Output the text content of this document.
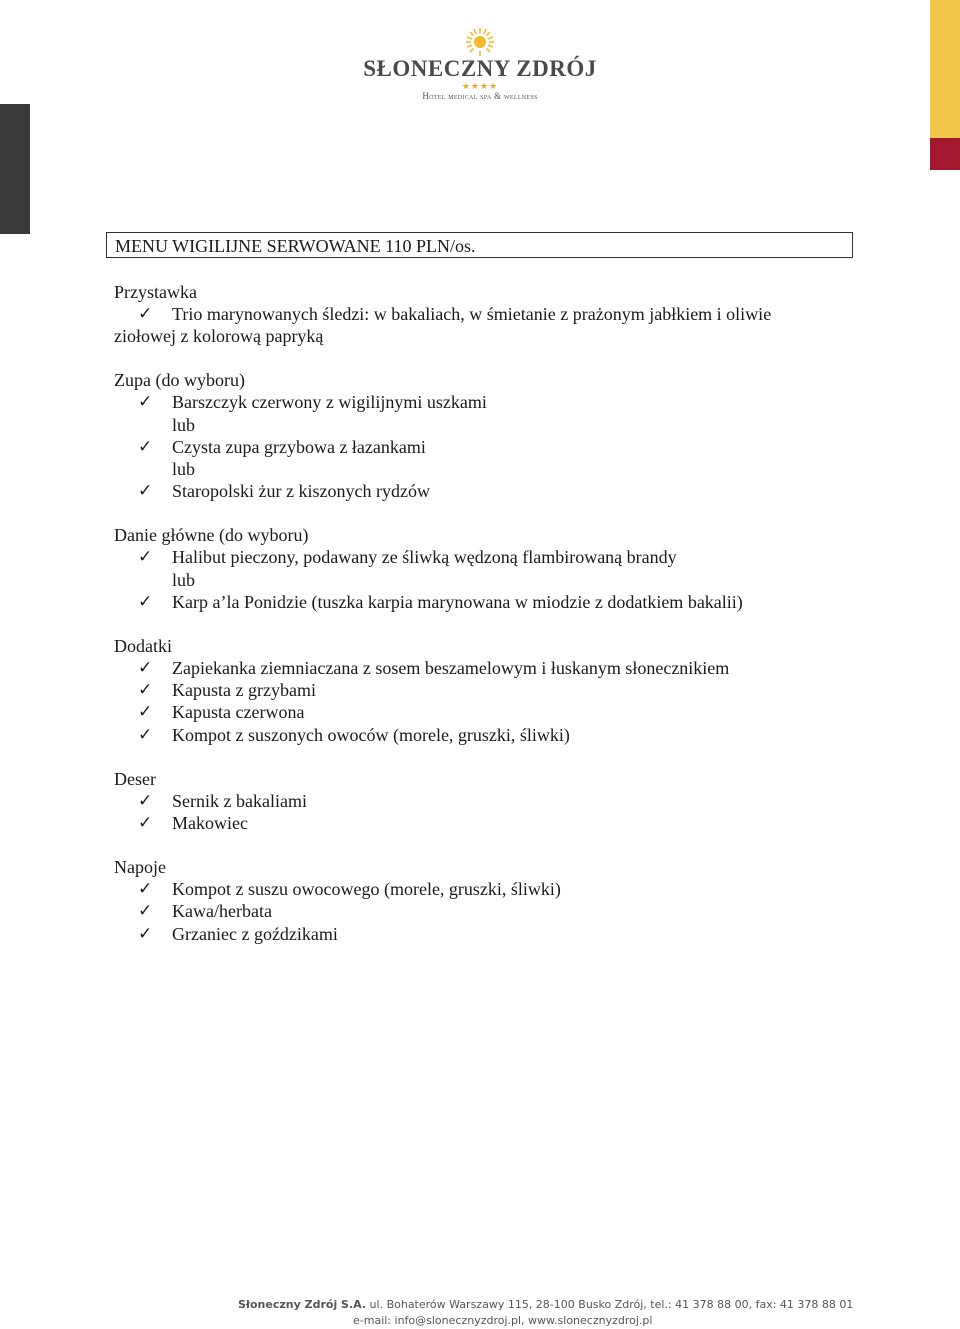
SŁONECZNY ZDRÓJ
★★★★
Hotel medical spa & wellness
MENU WIGILIJNE SERWOWANE 110 PLN/os.
Przystawka
✓	Trio marynowanych śledzi: w bakaliach, w śmietanie z prażonym jabłkiem i oliwie
ziołowej z kolorową papryką
Zupa (do wyboru)
✓	Barszczyk czerwony z wigilijnymi uszkami
lub
✓	Czysta zupa grzybowa z łazankami
lub
✓	Staropolski żur z kiszonych rydzów
Danie główne (do wyboru)
✓	Halibut pieczony, podawany ze śliwką wędzoną flambirowaną brandy
lub
✓	Karp a’la Ponidzie (tuszka karpia marynowana w miodzie z dodatkiem bakalii)
Dodatki
✓	Zapiekanka ziemniaczana z sosem beszamelowym i łuskanym słonecznikiem
✓	Kapusta z grzybami
✓	Kapusta czerwona
✓	Kompot z suszonych owoców (morele, gruszki, śliwki)
Deser
✓	Sernik z bakaliami
✓	Makowiec
Napoje
✓	Kompot z suszu owocowego (morele, gruszki, śliwki)
✓	Kawa/herbata
✓	Grzaniec z goździkami
Słoneczny Zdrój S.A. ul. Bohaterów Warszawy 115, 28-100 Busko Zdrój, tel.: 41 378 88 00, fax: 41 378 88 01
e-mail: info@slonecznyzdroj.pl, www.slonecznyzdroj.pl
